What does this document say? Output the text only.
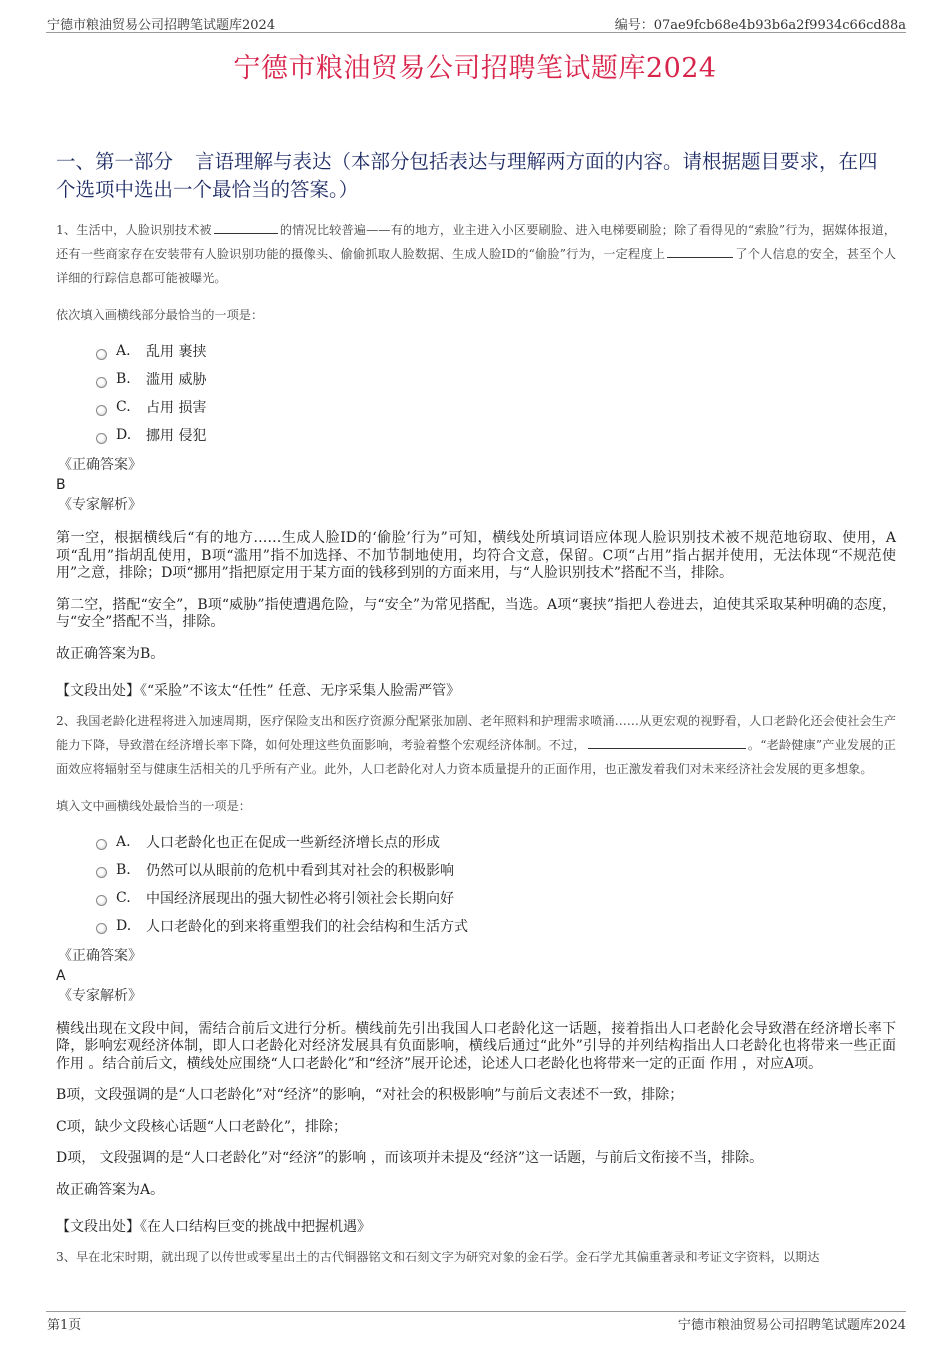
宁德市粮油贸易公司招聘笔试题库2024	编号：07ae9fcb68e4b93b6a2f9934c66cd88a
宁德市粮油贸易公司招聘笔试题库2024
一、第一部分 言语理解与表达（本部分包括表达与理解两方面的内容。请根据题目要求，在四个选项中选出一个最恰当的答案。）
1、生活中，人脸识别技术被	的情况比较普遍——有的地方，业主进入小区要刷脸、进入电梯要刷脸；除了看得见的“索脸”行为，据媒体报道，还有一些商家存在安装带有人脸识别功能的摄像头、偷偷抓取人脸数据、生成人脸ID的“偷脸”行为，一定程度上	了个人信息的安全，甚至个人详细的行踪信息都可能被曝光。
依次填入画横线部分最恰当的一项是：
A.	乱用 裹挟
B.	滥用 威胁
C.	占用 损害
D.	挪用 侵犯
《正确答案》
B
《专家解析》

第一空，根据横线后“有的地方……生成人脸ID的‘偷脸’行为”可知，横线处所填词语应体现人脸识别技术被不规范地窃取、使用，A项“乱用”指胡乱使用，B项“滥用”指不加选择、不加节制地使用，均符合文意，保留。C项“占用”指占据并使用，无法体现“不规范使用”之意，排除；D项“挪用”指把原定用于某方面的钱移到别的方面来用，与“人脸识别技术”搭配不当，排除。

第二空，搭配“安全”，B项“威胁”指使遭遇危险，与“安全”为常见搭配，当选。A项“裹挟”指把人卷进去，迫使其采取某种明确的态度，与“安全”搭配不当，排除。

故正确答案为B。

【文段出处】《“采脸”不该太“任性” 任意、无序采集人脸需严管》

2、我国老龄化进程将进入加速周期，医疗保险支出和医疗资源分配紧张加剧、老年照料和护理需求喷涌……从更宏观的视野看，人口老龄化还会使社会生产能力下降，导致潜在经济增长率下降，如何处理这些负面影响，考验着整个宏观经济体制。不过，	。“老龄健康”产业发展的正面效应将辐射至与健康生活相关的几乎所有产业。此外，人口老龄化对人力资本质量提升的正面作用，也正激发着我们对未来经济社会发展的更多想象。
填入文中画横线处最恰当的一项是：
A.	人口老龄化也正在促成一些新经济增长点的形成
B.	仍然可以从眼前的危机中看到其对社会的积极影响
C.	中国经济展现出的强大韧性必将引领社会长期向好
D.	人口老龄化的到来将重塑我们的社会结构和生活方式
《正确答案》
A
《专家解析》

横线出现在文段中间，需结合前后文进行分析。横线前先引出我国人口老龄化这一话题，接着指出人口老龄化会导致潜在经济增长率下降，影响宏观经济体制，即人口老龄化对经济发展具有负面影响，横线后通过“此外”引导的并列结构指出人口老龄化也将带来一些正面 作用 。结合前后文，横线处应围绕“人口老龄化”和“经济”展开论述，论述人口老龄化也将带来一定的正面 作用 ，对应A项。

B项，文段强调的是“人口老龄化”对“经济”的影响，“对社会的积极影响”与前后文表述不一致，排除；

C项，缺少文段核心话题“人口老龄化”，排除；

D项， 文段强调的是“人口老龄化”对“经济”的影响 ，而该项并未提及“经济”这一话题，与前后文衔接不当，排除。

故正确答案为A。

【文段出处】《在人口结构巨变的挑战中把握机遇》

3、早在北宋时期，就出现了以传世或零星出土的古代铜器铭文和石刻文字为研究对象的金石学。金石学尤其偏重著录和考证文字资料，以期达
第1页	宁德市粮油贸易公司招聘笔试题库2024
